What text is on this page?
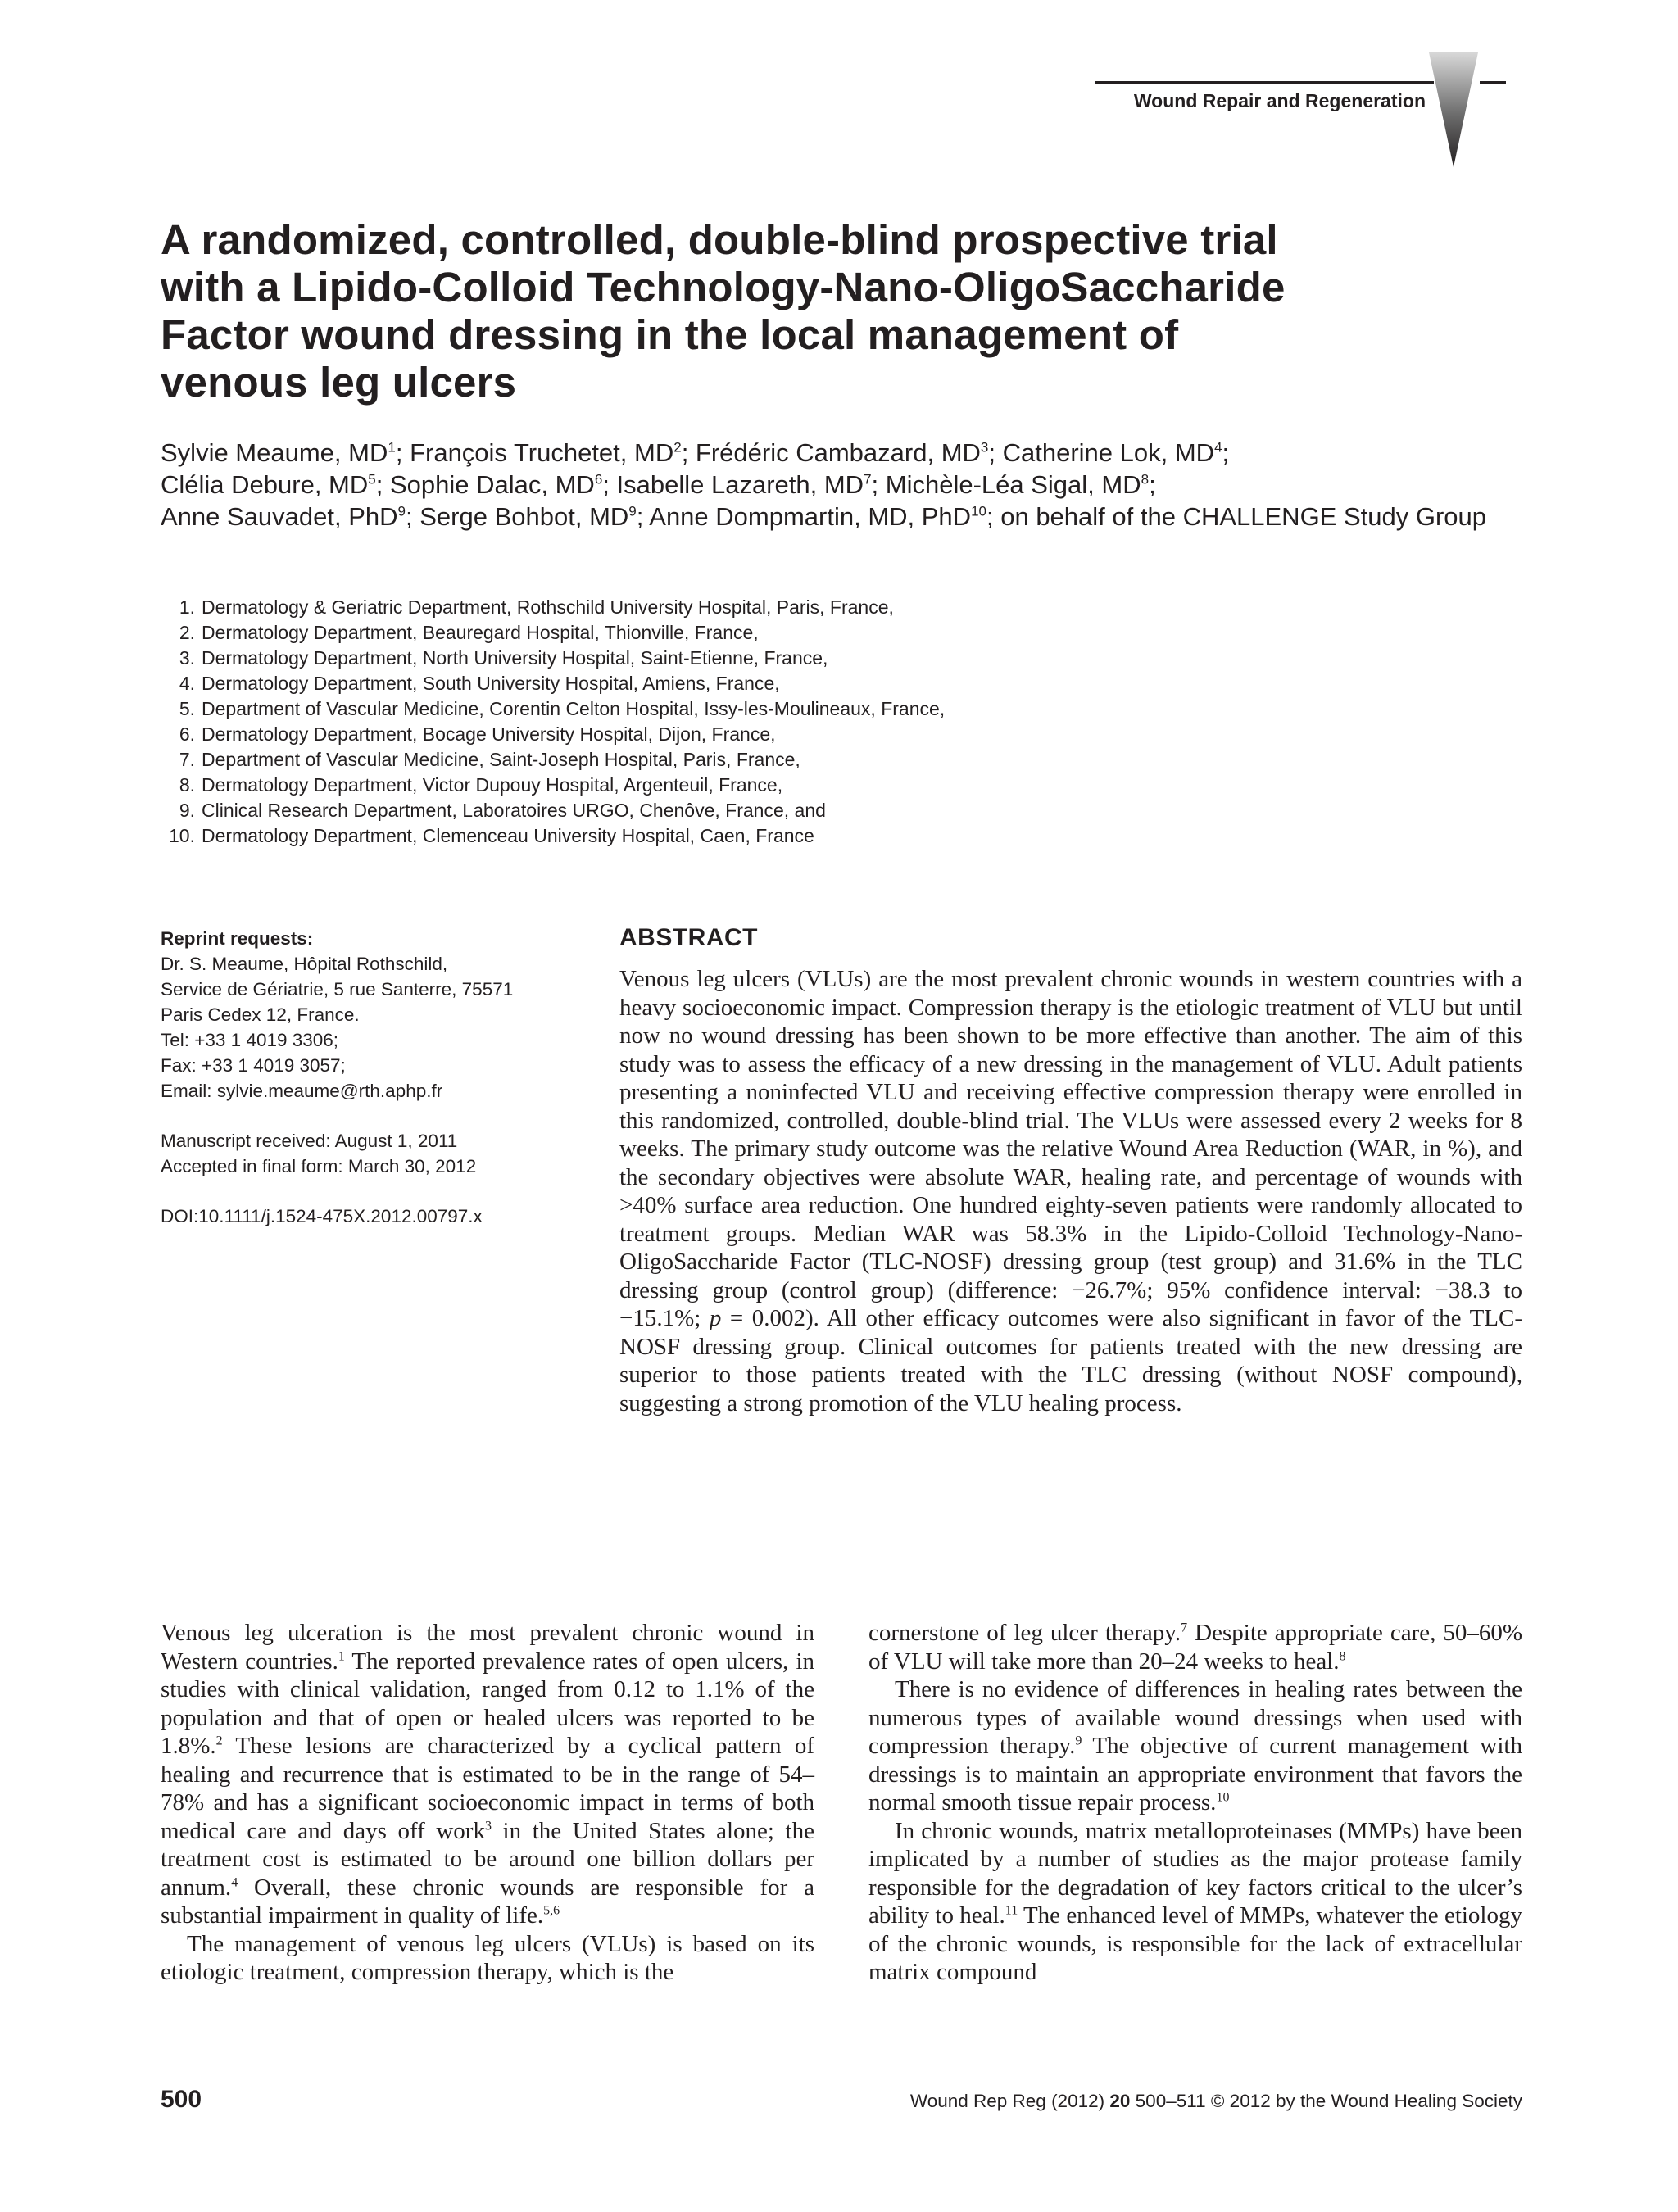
Wound Repair and Regeneration
A randomized, controlled, double-blind prospective trial
with a Lipido-Colloid Technology-Nano-OligoSaccharide
Factor wound dressing in the local management of
venous leg ulcers
Sylvie Meaume, $MD^1$; François Truchetet, $MD^2$; Frédéric Cambazard, $MD^3$; Catherine Lok, $MD^4$;
Clélia Debure, $MD^5$; Sophie Dalac, $MD^6$; Isabelle Lazareth, $MD^7$; Michèle-Léa Sigal, $MD^8$;
Anne Sauvadet, PhD$^9$; Serge Bohbot, $MD^9$; Anne Dompmartin, MD, PhD$^{10}$; on behalf of the CHALLENGE Study Group
1. Dermatology & Geriatric Department, Rothschild University Hospital, Paris, France,
2. Dermatology Department, Beauregard Hospital, Thionville, France,
3. Dermatology Department, North University Hospital, Saint-Etienne, France,
4. Dermatology Department, South University Hospital, Amiens, France,
5. Department of Vascular Medicine, Corentin Celton Hospital, Issy-les-Moulineaux, France,
6. Dermatology Department, Bocage University Hospital, Dijon, France,
7. Department of Vascular Medicine, Saint-Joseph Hospital, Paris, France,
8. Dermatology Department, Victor Dupouy Hospital, Argenteuil, France,
9. Clinical Research Department, Laboratoires URGO, Chenôve, France, and
10. Dermatology Department, Clemenceau University Hospital, Caen, France

Reprint requests:

Dr. S. Meaume, Hôpital Rothschild,

Service de Gériatrie, 5 rue Santerre, 75571

Paris Cedex 12, France.

Tel: +33 1 4019 3306;

Fax: +33 1 4019 3057;

Email: sylvie.meaume@rth.aphp.fr

Manuscript received: August 1, 2011

Accepted in final form: March 30, 2012

DOI:10.1111/j.1524-475X.2012.00797.x

ABSTRACT

Venous leg ulcers (VLUs) are the most prevalent chronic wounds in western countries with a heavy socioeconomic impact. Compression therapy is the etiologic treatment of VLU but until now no wound dressing has been shown to be more effective than another. The aim of this study was to assess the efficacy of a new dressing in the management of VLU. Adult patients presenting a noninfected VLU and receiving effective compression therapy were enrolled in this randomized, controlled, double-blind trial. The VLUs were assessed every 2 weeks for 8 weeks. The primary study outcome was the relative Wound Area Reduction (WAR, in %), and the secondary objectives were absolute WAR, healing rate, and percentage of wounds with >40% surface area reduction. One hundred eighty-seven patients were randomly allocated to treatment groups. Median WAR was 58.3% in the Lipido-Colloid Technology-Nano-OligoSaccharide Factor (TLC-NOSF) dressing group (test group) and 31.6% in the TLC dressing group (control group) (difference: −26.7%; 95% confidence interval: −38.3 to −15.1%; p = 0.002). All other efficacy outcomes were also significant in favor of the TLC-NOSF dressing group. Clinical outcomes for patients treated with the new dressing are superior to those patients treated with the TLC dressing (without NOSF compound), suggesting a strong promotion of the VLU healing process.

Venous leg ulceration is the most prevalent chronic wound in Western countries.$^1$ The reported prevalence rates of open ulcers, in studies with clinical validation, ranged from 0.12 to 1.1% of the population and that of open or healed ulcers was reported to be 1.8%.$^2$ These lesions are characterized by a cyclical pattern of healing and recurrence that is estimated to be in the range of 54–78% and has a significant socioeconomic impact in terms of both medical care and days off work$^3$ in the United States alone; the treatment cost is estimated to be around one billion dollars per annum.$^4$ Overall, these chronic wounds are responsible for a substantial impairment in quality of life.$^{5,6}$

The management of venous leg ulcers (VLUs) is based on its etiologic treatment, compression therapy, which is the

cornerstone of leg ulcer therapy.$^7$ Despite appropriate care, 50–60% of VLU will take more than 20–24 weeks to heal.$^8$

There is no evidence of differences in healing rates between the numerous types of available wound dressings when used with compression therapy.$^9$ The objective of current management with dressings is to maintain an appropriate environment that favors the normal smooth tissue repair process.$^{10}$

In chronic wounds, matrix metalloproteinases (MMPs) have been implicated by a number of studies as the major protease family responsible for the degradation of key factors critical to the ulcer’s ability to heal.$^{11}$ The enhanced level of MMPs, whatever the etiology of the chronic wounds, is responsible for the lack of extracellular matrix compound

500	Wound Rep Reg (2012) 20 500–511 © 2012 by the Wound Healing Society
